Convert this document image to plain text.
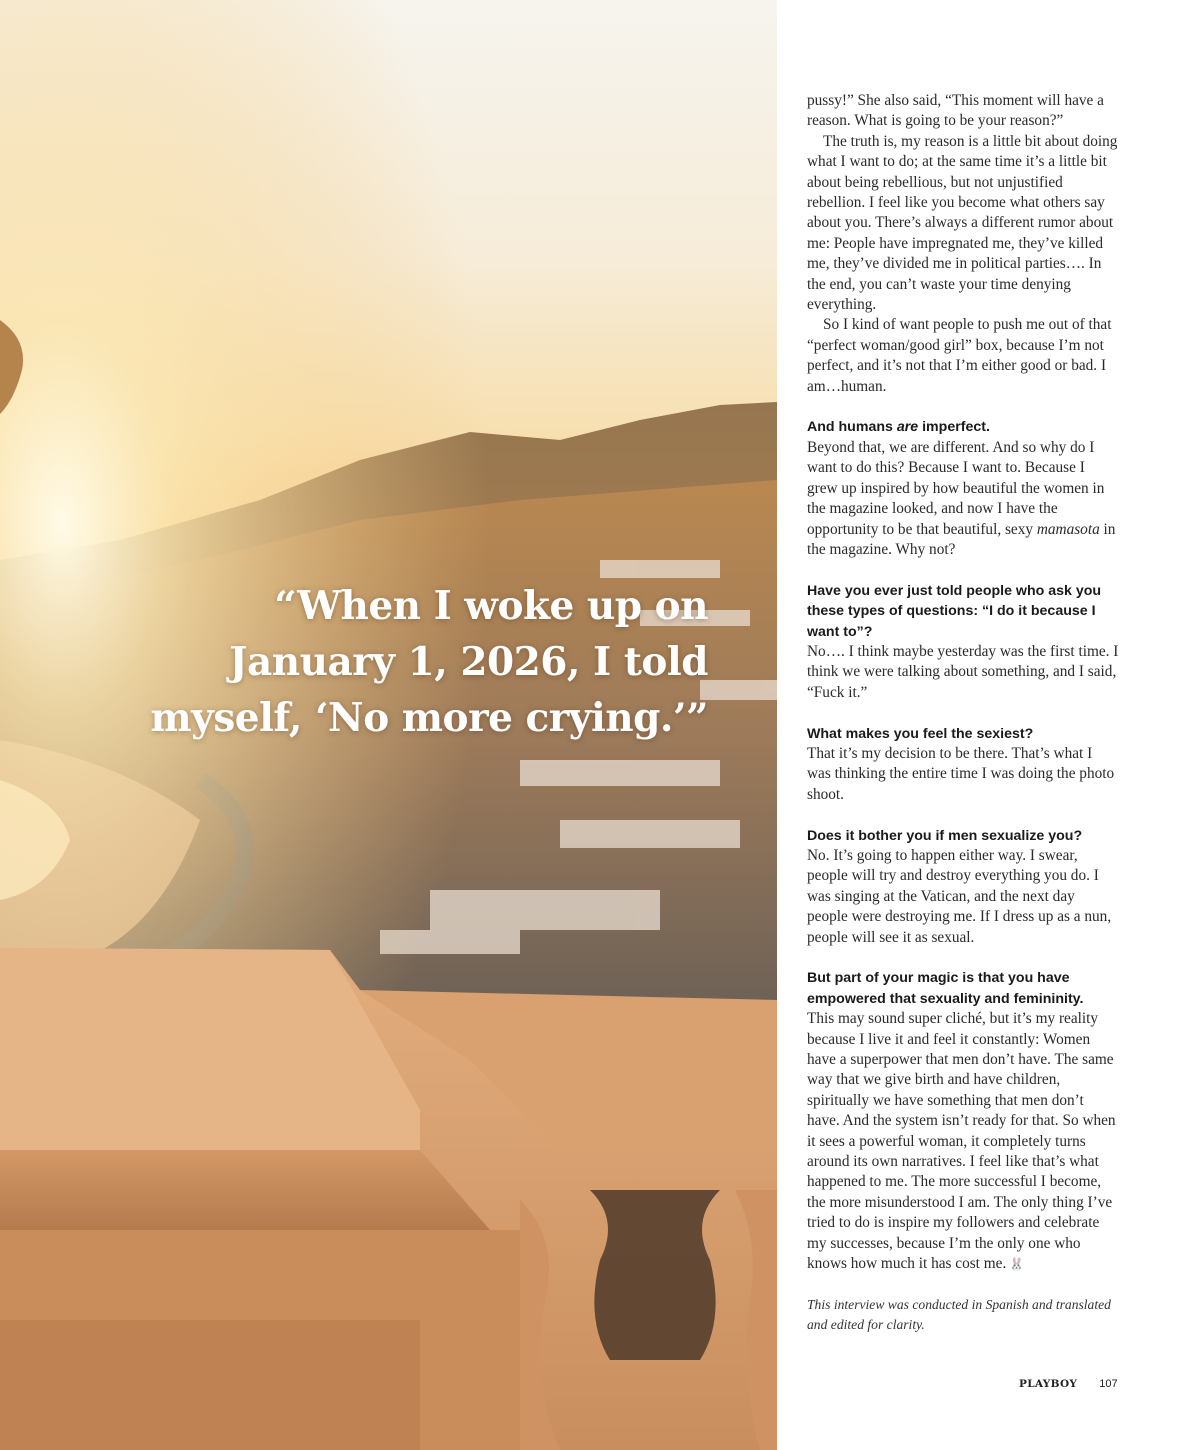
“When I woke up on
January 1, 2026, I told
myself, ‘No more crying.’”

pussy!” She also said, “This moment will have a reason. What is going to be your reason?”

The truth is, my reason is a little bit about doing what I want to do; at the same time it’s a little bit about being rebellious, but not unjustified rebellion. I feel like you become what others say about you. There’s always a different rumor about me: People have impregnated me, they’ve killed me, they’ve divided me in political parties…. In the end, you can’t waste your time denying everything.

So I kind of want people to push me out of that “perfect woman/good girl” box, because I’m not perfect, and it’s not that I’m either good or bad. I am…human.

And humans are imperfect.

Beyond that, we are different. And so why do I want to do this? Because I want to. Because I grew up inspired by how beautiful the women in the magazine looked, and now I have the opportunity to be that beautiful, sexy mamasota in the magazine. Why not?

Have you ever just told people who ask you these types of questions: “I do it because I want to”?

No…. I think maybe yesterday was the first time. I think we were talking about something, and I said, “Fuck it.”

What makes you feel the sexiest?

That it’s my decision to be there. That’s what I was thinking the entire time I was doing the photo shoot.

Does it bother you if men sexualize you?

No. It’s going to happen either way. I swear, people will try and destroy everything you do. I was singing at the Vatican, and the next day people were destroying me. If I dress up as a nun, people will see it as sexual.

But part of your magic is that you have empowered that sexuality and femininity.

This may sound super cliché, but it’s my reality because I live it and feel it constantly: Women have a superpower that men don’t have. The same way that we give birth and have children, spiritually we have something that men don’t have. And the system isn’t ready for that. So when it sees a powerful woman, it completely turns around its own narratives. I feel like that’s what happened to me. The more successful I become, the more misunderstood I am. The only thing I’ve tried to do is inspire my followers and celebrate my successes, because I’m the only one who knows how much it has cost me. 🐰

This interview was conducted in Spanish and translated and edited for clarity.

PLAYBOY 107
